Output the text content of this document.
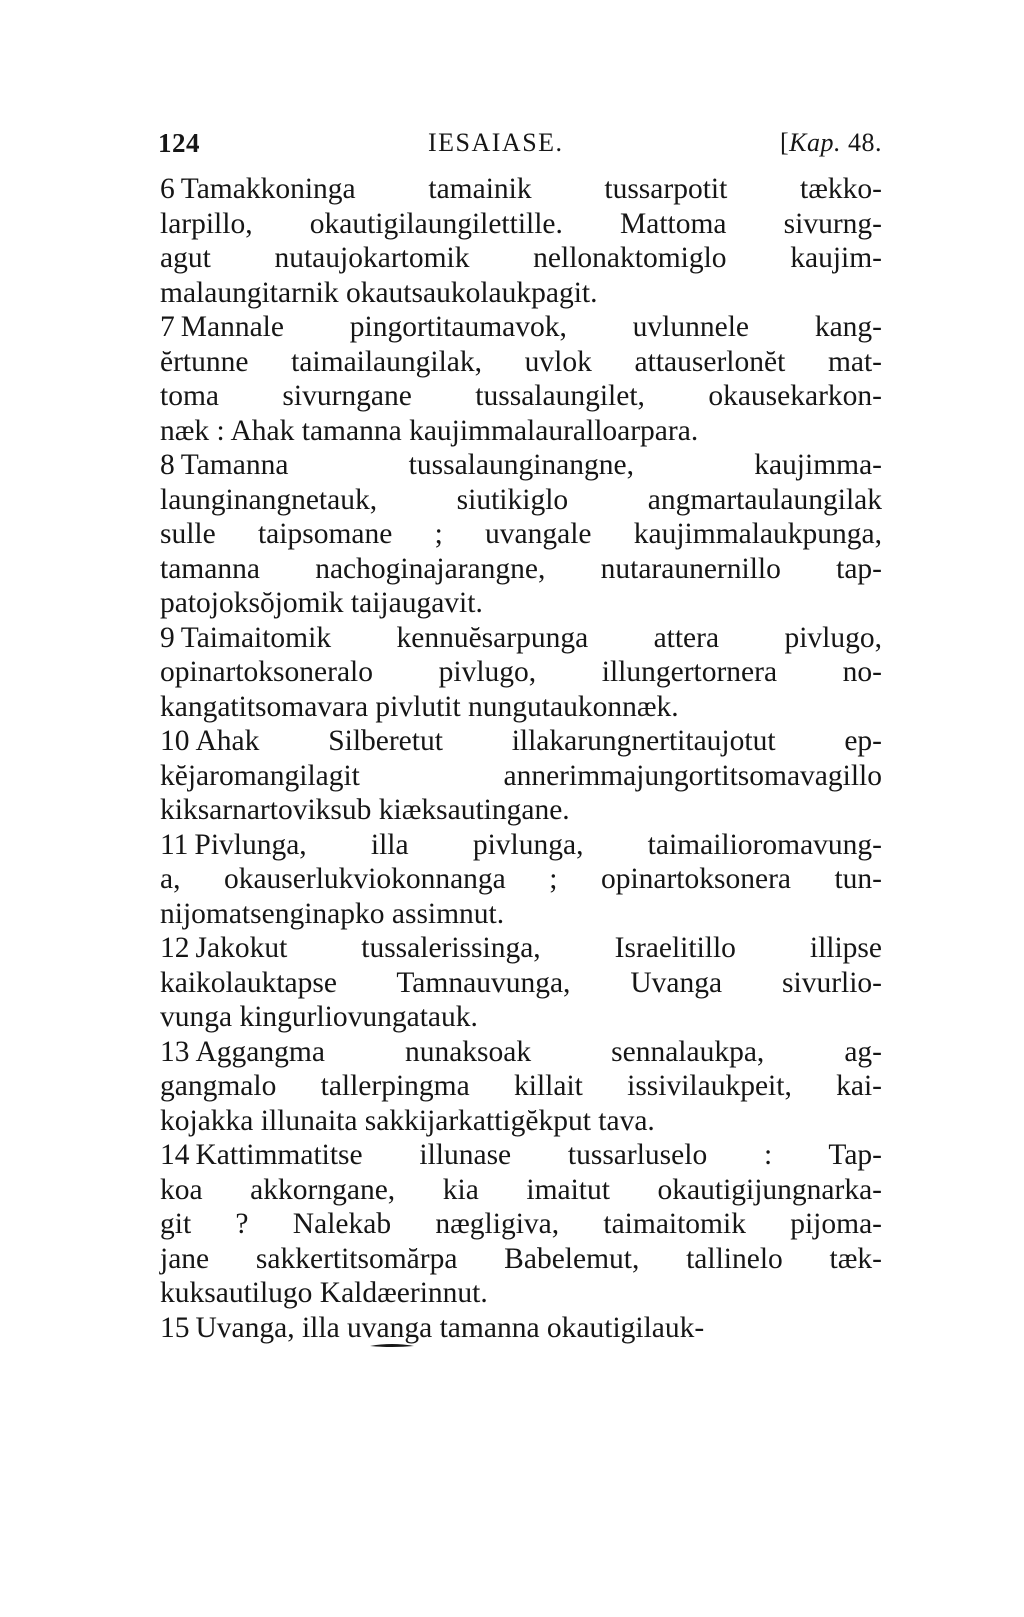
124	IESAIASE.	[Kap. 48.
6 Tamakkoninga tamainik tussarpotit tækko-
larpillo, okautigilaungilettille. Mattoma sivurng-
agut nutaujokartomik nellonaktomiglo kaujim-
malaungitarnik okautsaukolaukpagit.
7 Mannale pingortitaumavok, uvlunnele kang-
ĕrtunne taimailaungilak, uvlok attauserlonĕt mat-
toma sivurngane tussalaungilet, okausekarkon-
næk : Ahak tamanna kaujimmalauralloarpara.
8 Tamanna tussalaunginangne, kaujimma-
launginangnetauk, siutikiglo angmartaulaungilak
sulle taipsomane ; uvangale kaujimmalaukpunga,
tamanna nachoginajarangne, nutaraunernillo tap-
patojoksŏjomik taijaugavit.
9 Taimaitomik kennuĕsarpunga attera pivlugo,
opinartoksoneralo pivlugo, illungertornera no-
kangatitsomavara pivlutit nungutaukonnæk.
10 Ahak Silberetut illakarungnertitaujotut ep-
kĕjaromangilagit annerimmajungortitsomavagillo
kiksarnartoviksub kiæksautingane.
11 Pivlunga, illa pivlunga, taimailioromavung-
a, okauserlukviokonnanga ; opinartoksonera tun-
nijomatsenginapko assimnut.
12 Jakokut tussalerissinga, Israelitillo illipse
kaikolauktapse Tamnauvunga, Uvanga sivurlio-
vunga kingurliovungatauk.
13 Aggangma nunaksoak sennalaukpa, ag-
gangmalo tallerpingma killait issivilaukpeit, kai-
kojakka illunaita sakkijarkattigĕkput tava.
14 Kattimmatitse illunase tussarluselo : Tap-
koa akkorngane, kia imaitut okautigijungnarka-
git ? Nalekab nægligiva, taimaitomik pijoma-
jane sakkertitsomărpa Babelemut, tallinelo tæk-
kuksautilugo Kaldæerinnut.
15 Uvanga, illa uvanga tamanna okautigilauk-
